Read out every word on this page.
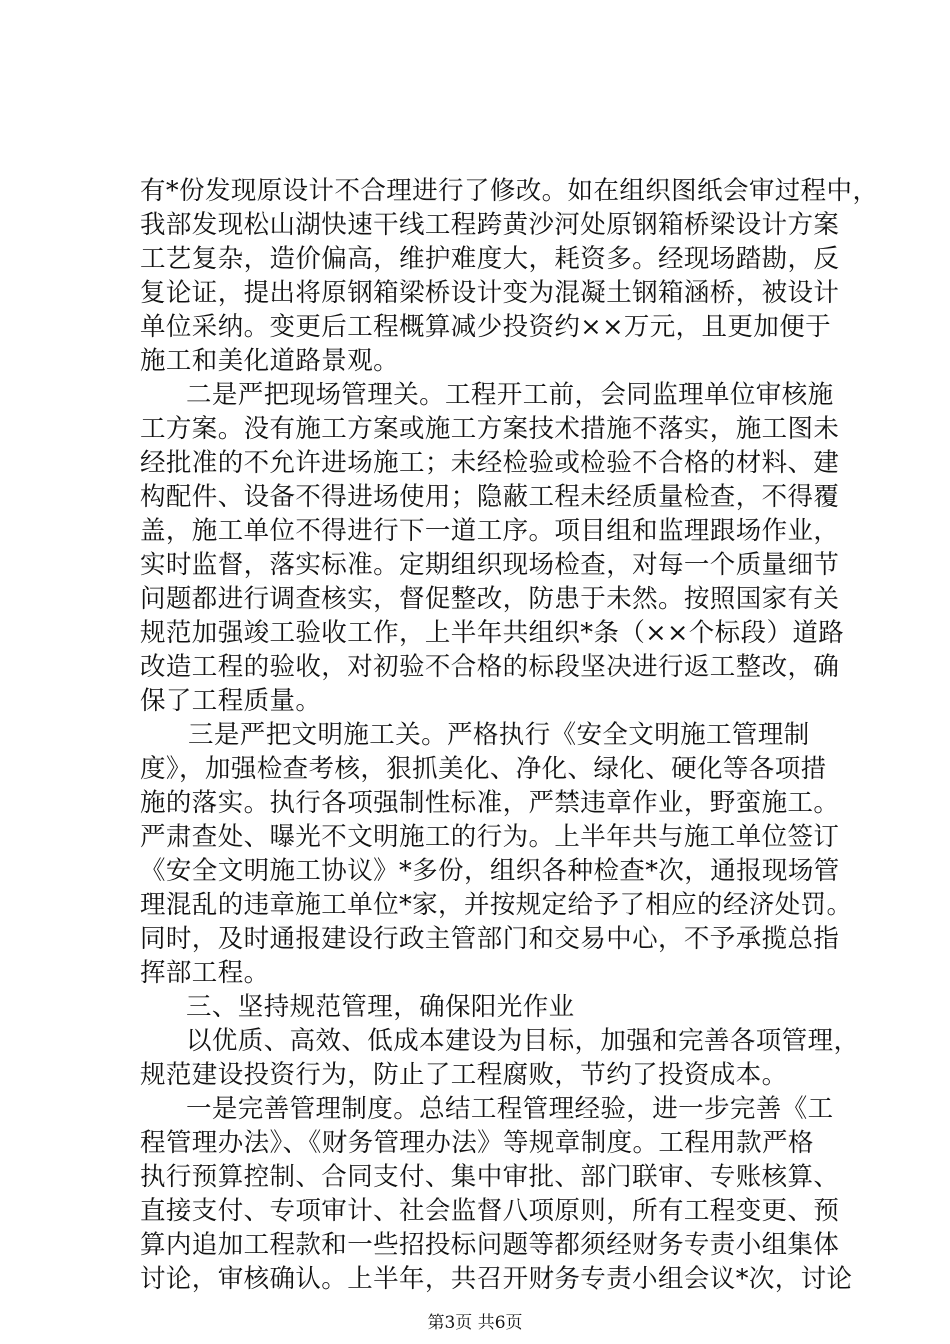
有*份发现原设计不合理进行了修改。如在组织图纸会审过程中，
我部发现松山湖快速干线工程跨黄沙河处原钢箱桥梁设计方案
工艺复杂，造价偏高，维护难度大，耗资多。经现场踏勘，反
复论证，提出将原钢箱梁桥设计变为混凝土钢箱涵桥，被设计
单位采纳。变更后工程概算减少投资约××万元，且更加便于
施工和美化道路景观。
二是严把现场管理关。工程开工前，会同监理单位审核施
工方案。没有施工方案或施工方案技术措施不落实，施工图未
经批准的不允许进场施工；未经检验或检验不合格的材料、建
构配件、设备不得进场使用；隐蔽工程未经质量检查，不得覆
盖，施工单位不得进行下一道工序。项目组和监理跟场作业，
实时监督，落实标准。定期组织现场检查，对每一个质量细节
问题都进行调查核实，督促整改，防患于未然。按照国家有关
规范加强竣工验收工作，上半年共组织*条（××个标段）道路
改造工程的验收，对初验不合格的标段坚决进行返工整改，确
保了工程质量。
三是严把文明施工关。严格执行《安全文明施工管理制
度》，加强检查考核，狠抓美化、净化、绿化、硬化等各项措
施的落实。执行各项强制性标准，严禁违章作业，野蛮施工。
严肃查处、曝光不文明施工的行为。上半年共与施工单位签订
《安全文明施工协议》*多份，组织各种检查*次，通报现场管
理混乱的违章施工单位*家，并按规定给予了相应的经济处罚。
同时，及时通报建设行政主管部门和交易中心，不予承揽总指
挥部工程。
三、坚持规范管理，确保阳光作业
以优质、高效、低成本建设为目标，加强和完善各项管理，
规范建设投资行为，防止了工程腐败，节约了投资成本。
一是完善管理制度。总结工程管理经验，进一步完善《工
程管理办法》、《财务管理办法》等规章制度。工程用款严格
执行预算控制、合同支付、集中审批、部门联审、专账核算、
直接支付、专项审计、社会监督八项原则，所有工程变更、预
算内追加工程款和一些招投标问题等都须经财务专责小组集体
讨论，审核确认。上半年，共召开财务专责小组会议*次，讨论
第3页 共6页
